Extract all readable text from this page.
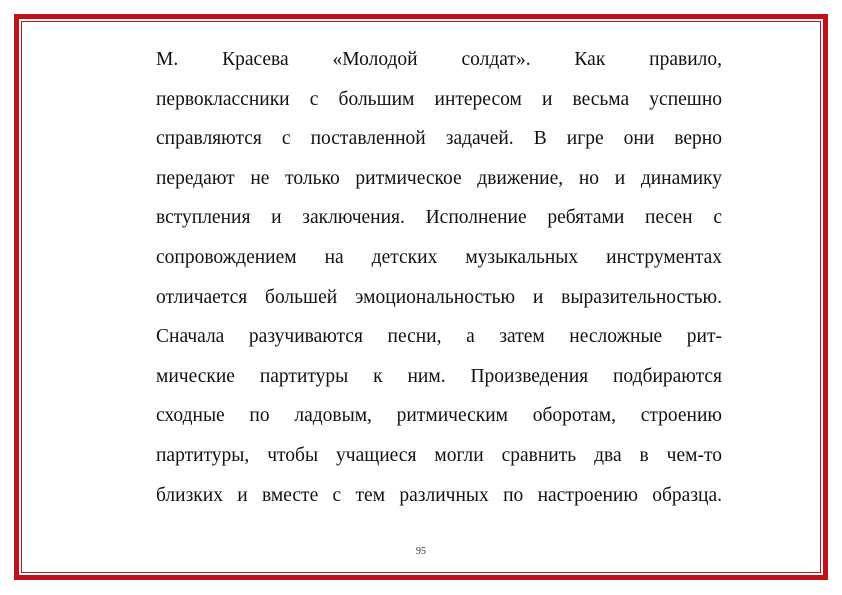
М. Красева «Молодой солдат». Как правило,
первоклассники с большим интересом и весьма успешно
справляются с поставленной задачей. В игре они верно
передают не только ритмическое движение, но и динамику
вступления и заключения. Исполнение ребятами песен с
сопровождением на детских музыкальных инструментах
отличается большей эмоциональностью и выразительностью.
Сначала разучиваются песни, а затем несложные рит-
мические партитуры к ним. Произведения подбираются
сходные по ладовым, ритмическим оборотам, строению
партитуры, чтобы учащиеся могли сравнить два в чем-то
близких и вместе с тем различных по настроению образца.
95
